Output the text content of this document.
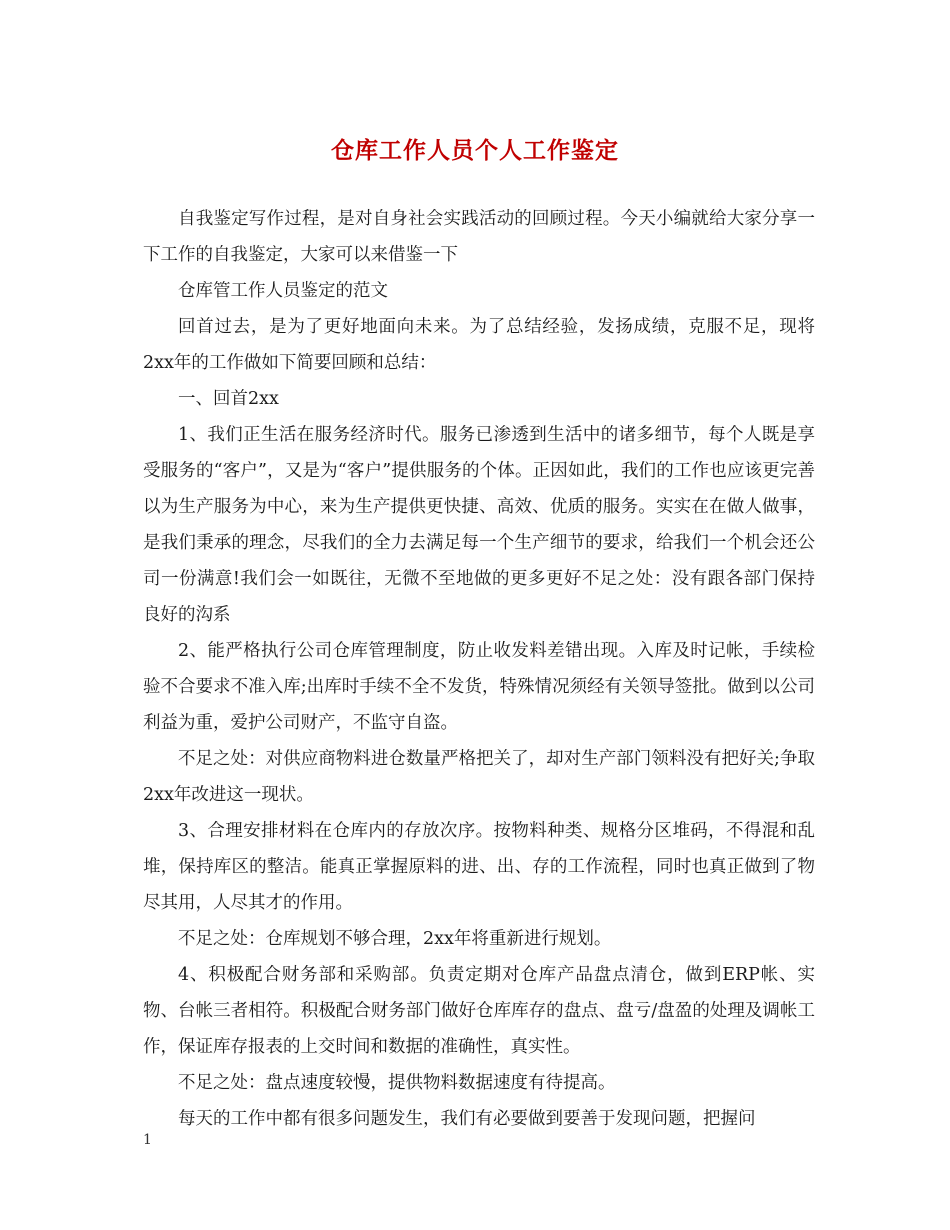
仓库工作人员个人工作鉴定

自我鉴定写作过程，是对自身社会实践活动的回顾过程。今天小编就给大家分享一下工作的自我鉴定，大家可以来借鉴一下

仓库管工作人员鉴定的范文

回首过去，是为了更好地面向未来。为了总结经验，发扬成绩，克服不足，现将2xx年的工作做如下简要回顾和总结：

一、回首2xx

1、我们正生活在服务经济时代。服务已渗透到生活中的诸多细节，每个人既是享受服务的“客户”，又是为“客户”提供服务的个体。正因如此，我们的工作也应该更完善以为生产服务为中心，来为生产提供更快捷、高效、优质的服务。实实在在做人做事，是我们秉承的理念，尽我们的全力去满足每一个生产细节的要求，给我们一个机会还公司一份满意!我们会一如既往，无微不至地做的更多更好不足之处：没有跟各部门保持良好的沟系

2、能严格执行公司仓库管理制度，防止收发料差错出现。入库及时记帐，手续检验不合要求不准入库;出库时手续不全不发货，特殊情况须经有关领导签批。做到以公司利益为重，爱护公司财产，不监守自盗。

不足之处：对供应商物料进仓数量严格把关了，却对生产部门领料没有把好关;争取2xx年改进这一现状。

3、合理安排材料在仓库内的存放次序。按物料种类、规格分区堆码，不得混和乱堆，保持库区的整洁。能真正掌握原料的进、出、存的工作流程，同时也真正做到了物尽其用，人尽其才的作用。

不足之处：仓库规划不够合理，2xx年将重新进行规划。

4、积极配合财务部和采购部。负责定期对仓库产品盘点清仓，做到ERP帐、实物、台帐三者相符。积极配合财务部门做好仓库库存的盘点、盘亏/盘盈的处理及调帐工作，保证库存报表的上交时间和数据的准确性，真实性。

不足之处：盘点速度较慢，提供物料数据速度有待提高。

每天的工作中都有很多问题发生，我们有必要做到要善于发现问题，把握问

1
